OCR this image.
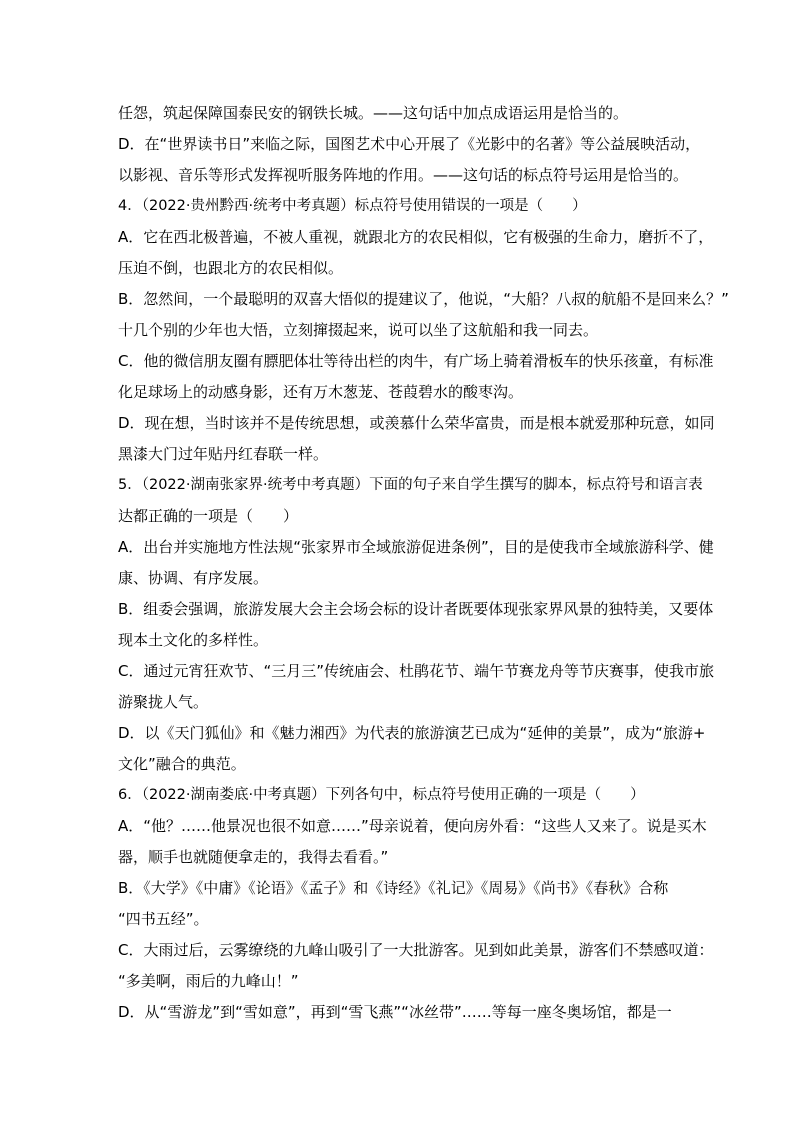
任怨，筑起保障国泰民安的钢铁长城。——这句话中加点成语运用是恰当的。
D．在“世界读书日”来临之际，国图艺术中心开展了《光影中的名著》等公益展映活动，
以影视、音乐等形式发挥视听服务阵地的作用。——这句话的标点符号运用是恰当的。
4．（2022·贵州黔西·统考中考真题）标点符号使用错误的一项是（　　）
A．它在西北极普遍，不被人重视，就跟北方的农民相似，它有极强的生命力，磨折不了，
压迫不倒，也跟北方的农民相似。
B．忽然间，一个最聪明的双喜大悟似的提建议了，他说，“大船？八叔的航船不是回来么？”
十几个别的少年也大悟，立刻撺掇起来，说可以坐了这航船和我一同去。
C．他的微信朋友圈有膘肥体壮等待出栏的肉牛，有广场上骑着滑板车的快乐孩童，有标准
化足球场上的动感身影，还有万木葱茏、苍葭碧水的酸枣沟。
D．现在想，当时该并不是传统思想，或羡慕什么荣华富贵，而是根本就爱那种玩意，如同
黑漆大门过年贴丹红春联一样。
5．（2022·湖南张家界·统考中考真题）下面的句子来自学生撰写的脚本，标点符号和语言表
达都正确的一项是（　　）
A．出台并实施地方性法规“张家界市全域旅游促进条例”，目的是使我市全域旅游科学、健
康、协调、有序发展。
B．组委会强调，旅游发展大会主会场会标的设计者既要体现张家界风景的独特美，又要体
现本土文化的多样性。
C．通过元宵狂欢节、“三月三”传统庙会、杜鹃花节、端午节赛龙舟等节庆赛事，使我市旅
游聚拢人气。
D．以《天门狐仙》和《魅力湘西》为代表的旅游演艺已成为“延伸的美景”，成为“旅游+
文化”融合的典范。
6．（2022·湖南娄底·中考真题）下列各句中，标点符号使用正确的一项是（　　）
A．“他？……他景况也很不如意……”母亲说着，便向房外看：“这些人又来了。说是买木
器，顺手也就随便拿走的，我得去看看。”
B．《大学》《中庸》《论语》《孟子》和《诗经》《礼记》《周易》《尚书》《春秋》合称
“四书五经”。
C．大雨过后，云雾缭绕的九峰山吸引了一大批游客。见到如此美景，游客们不禁感叹道：
“多美啊，雨后的九峰山！”
D．从“雪游龙”到“雪如意”，再到“雪飞燕”“冰丝带”……等每一座冬奥场馆，都是一
